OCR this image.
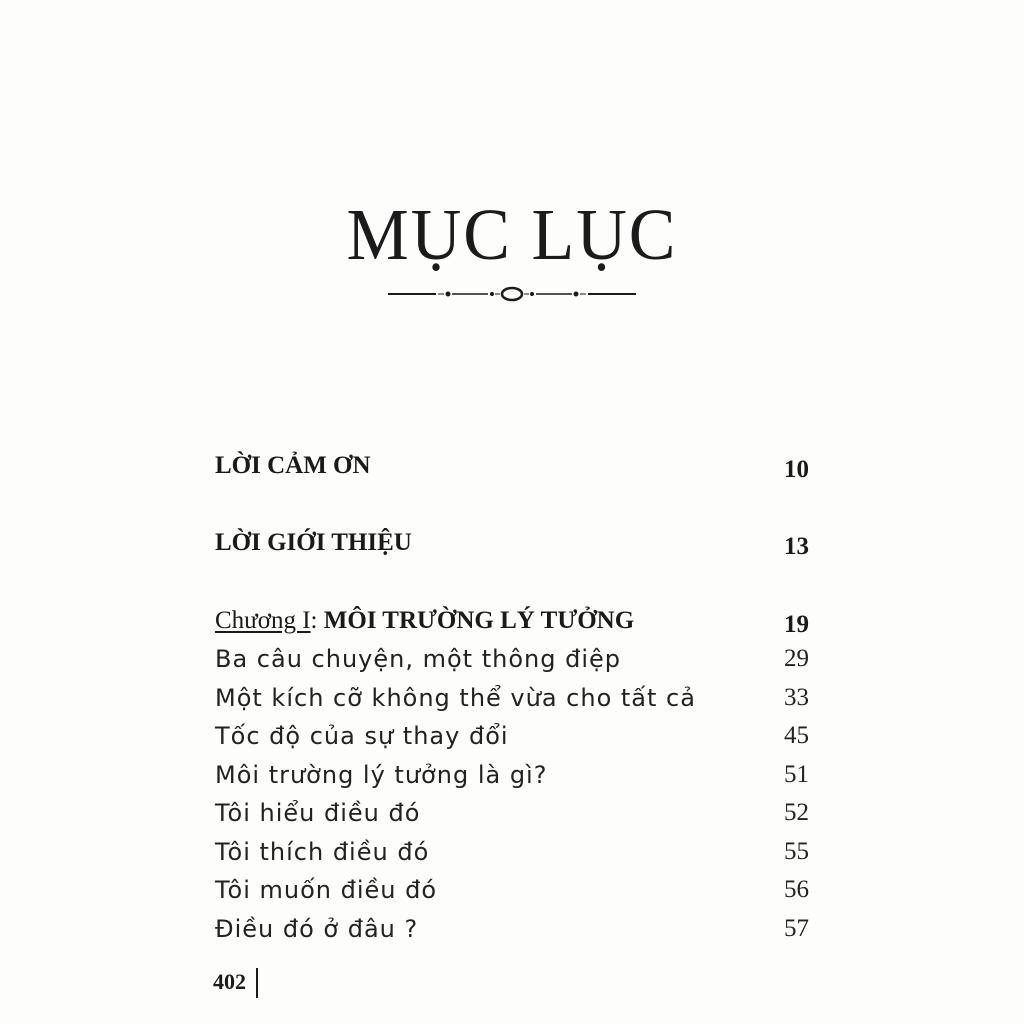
MỤC LỤC
LỜI CẢM ƠN	10
LỜI GIỚI THIỆU	13
Chương I: MÔI TRƯỜNG LÝ TƯỞNG	19
Ba câu chuyện, một thông điệp	29
Một kích cỡ không thể vừa cho tất cả	33
Tốc độ của sự thay đổi	45
Môi trường lý tưởng là gì?	51
Tôi hiểu điều đó	52
Tôi thích điều đó	55
Tôi muốn điều đó	56
Điều đó ở đâu ?	57
402
